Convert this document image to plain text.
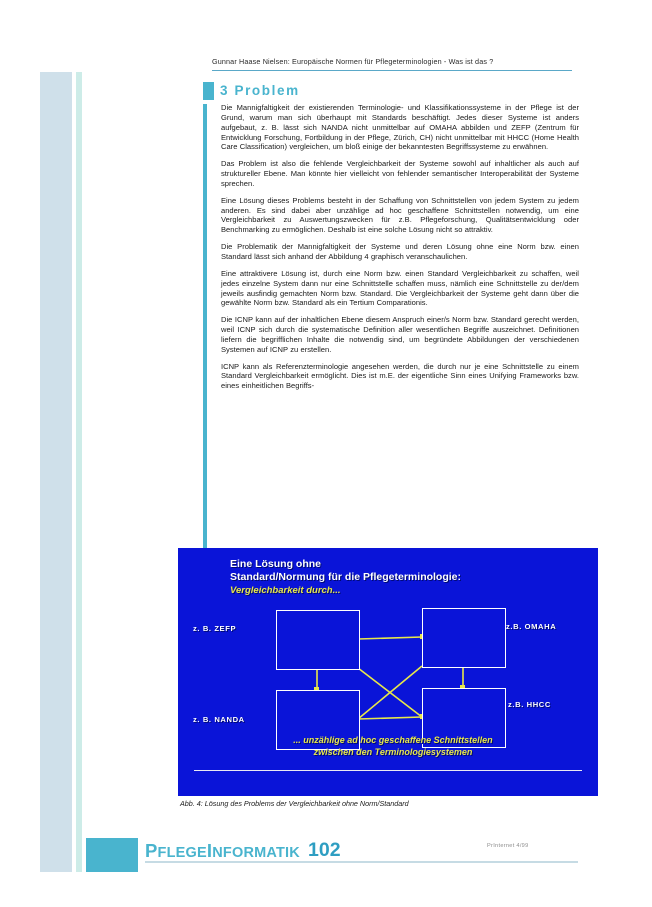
Gunnar Haase Nielsen: Europäische Normen für Pflegeterminologien - Was ist das ?
3 Problem

Die Mannigfaltigkeit der existierenden Terminologie- und Klassifikationssysteme in der Pflege ist der Grund, warum man sich überhaupt mit Standards beschäftigt. Jedes dieser Systeme ist anders aufgebaut, z. B. lässt sich NANDA nicht unmittelbar auf OMAHA abbilden und ZEFP (Zentrum für Entwicklung Forschung, Fortbildung in der Pflege, Zürich, CH) nicht unmittelbar mit HHCC (Home Health Care Classification) vergleichen, um bloß einige der bekanntesten Begriffssysteme zu erwähnen.

Das Problem ist also die fehlende Vergleichbarkeit der Systeme sowohl auf inhaltlicher als auch auf struktureller Ebene. Man könnte hier vielleicht von fehlender semantischer Interoperabilität der Systeme sprechen.

Eine Lösung dieses Problems besteht in der Schaffung von Schnittstellen von jedem System zu jedem anderen. Es sind dabei aber unzählige ad hoc geschaffene Schnittstellen notwendig, um eine Vergleichbarkeit zu Auswertungszwecken für z.B. Pflegeforschung, Qualitätsentwicklung oder Benchmarking zu ermöglichen. Deshalb ist eine solche Lösung nicht so attraktiv.

Die Problematik der Mannigfaltigkeit der Systeme und deren Lösung ohne eine Norm bzw. einen Standard lässt sich anhand der Abbildung 4 graphisch veranschaulichen.

Eine attraktivere Lösung ist, durch eine Norm bzw. einen Standard Vergleichbarkeit zu schaffen, weil jedes einzelne System dann nur eine Schnittstelle schaffen muss, nämlich eine Schnittstelle zu der/dem jeweils ausfindig gemachten Norm bzw. Standard. Die Vergleichbarkeit der Systeme geht dann über die gewählte Norm bzw. Standard als ein Tertium Comparationis.

Die ICNP kann auf der inhaltlichen Ebene diesem Anspruch einer/s Norm bzw. Standard gerecht werden, weil ICNP sich durch die systematische Definition aller wesentlichen Begriffe auszeichnet. Definitionen liefern die begrifflichen Inhalte die notwendig sind, um begründete Abbildungen der verschiedenen Systemen auf ICNP zu erstellen.

ICNP kann als Referenzterminologie angesehen werden, die durch nur je eine Schnittstelle zu einem Standard Vergleichbarkeit ermöglicht. Dies ist m.E. der eigentliche Sinn eines Unifying Frameworks bzw. eines einheitlichen Begriffs-

z. B. ZEFP	z.B. OMAHA
z.B. HHCC
z. B. NANDA
Eine Lösung ohne
Standard/Normung für die Pflegeterminologie:
Vergleichbarkeit durch...
... unzählige ad hoc geschaffene Schnittstellen
zwischen den Terminologiesystemen
Abb. 4: Lösung des Problems der Vergleichbarkeit ohne Norm/Standard
PFLEGEINFORMATIK 102	PrInternet 4/99
